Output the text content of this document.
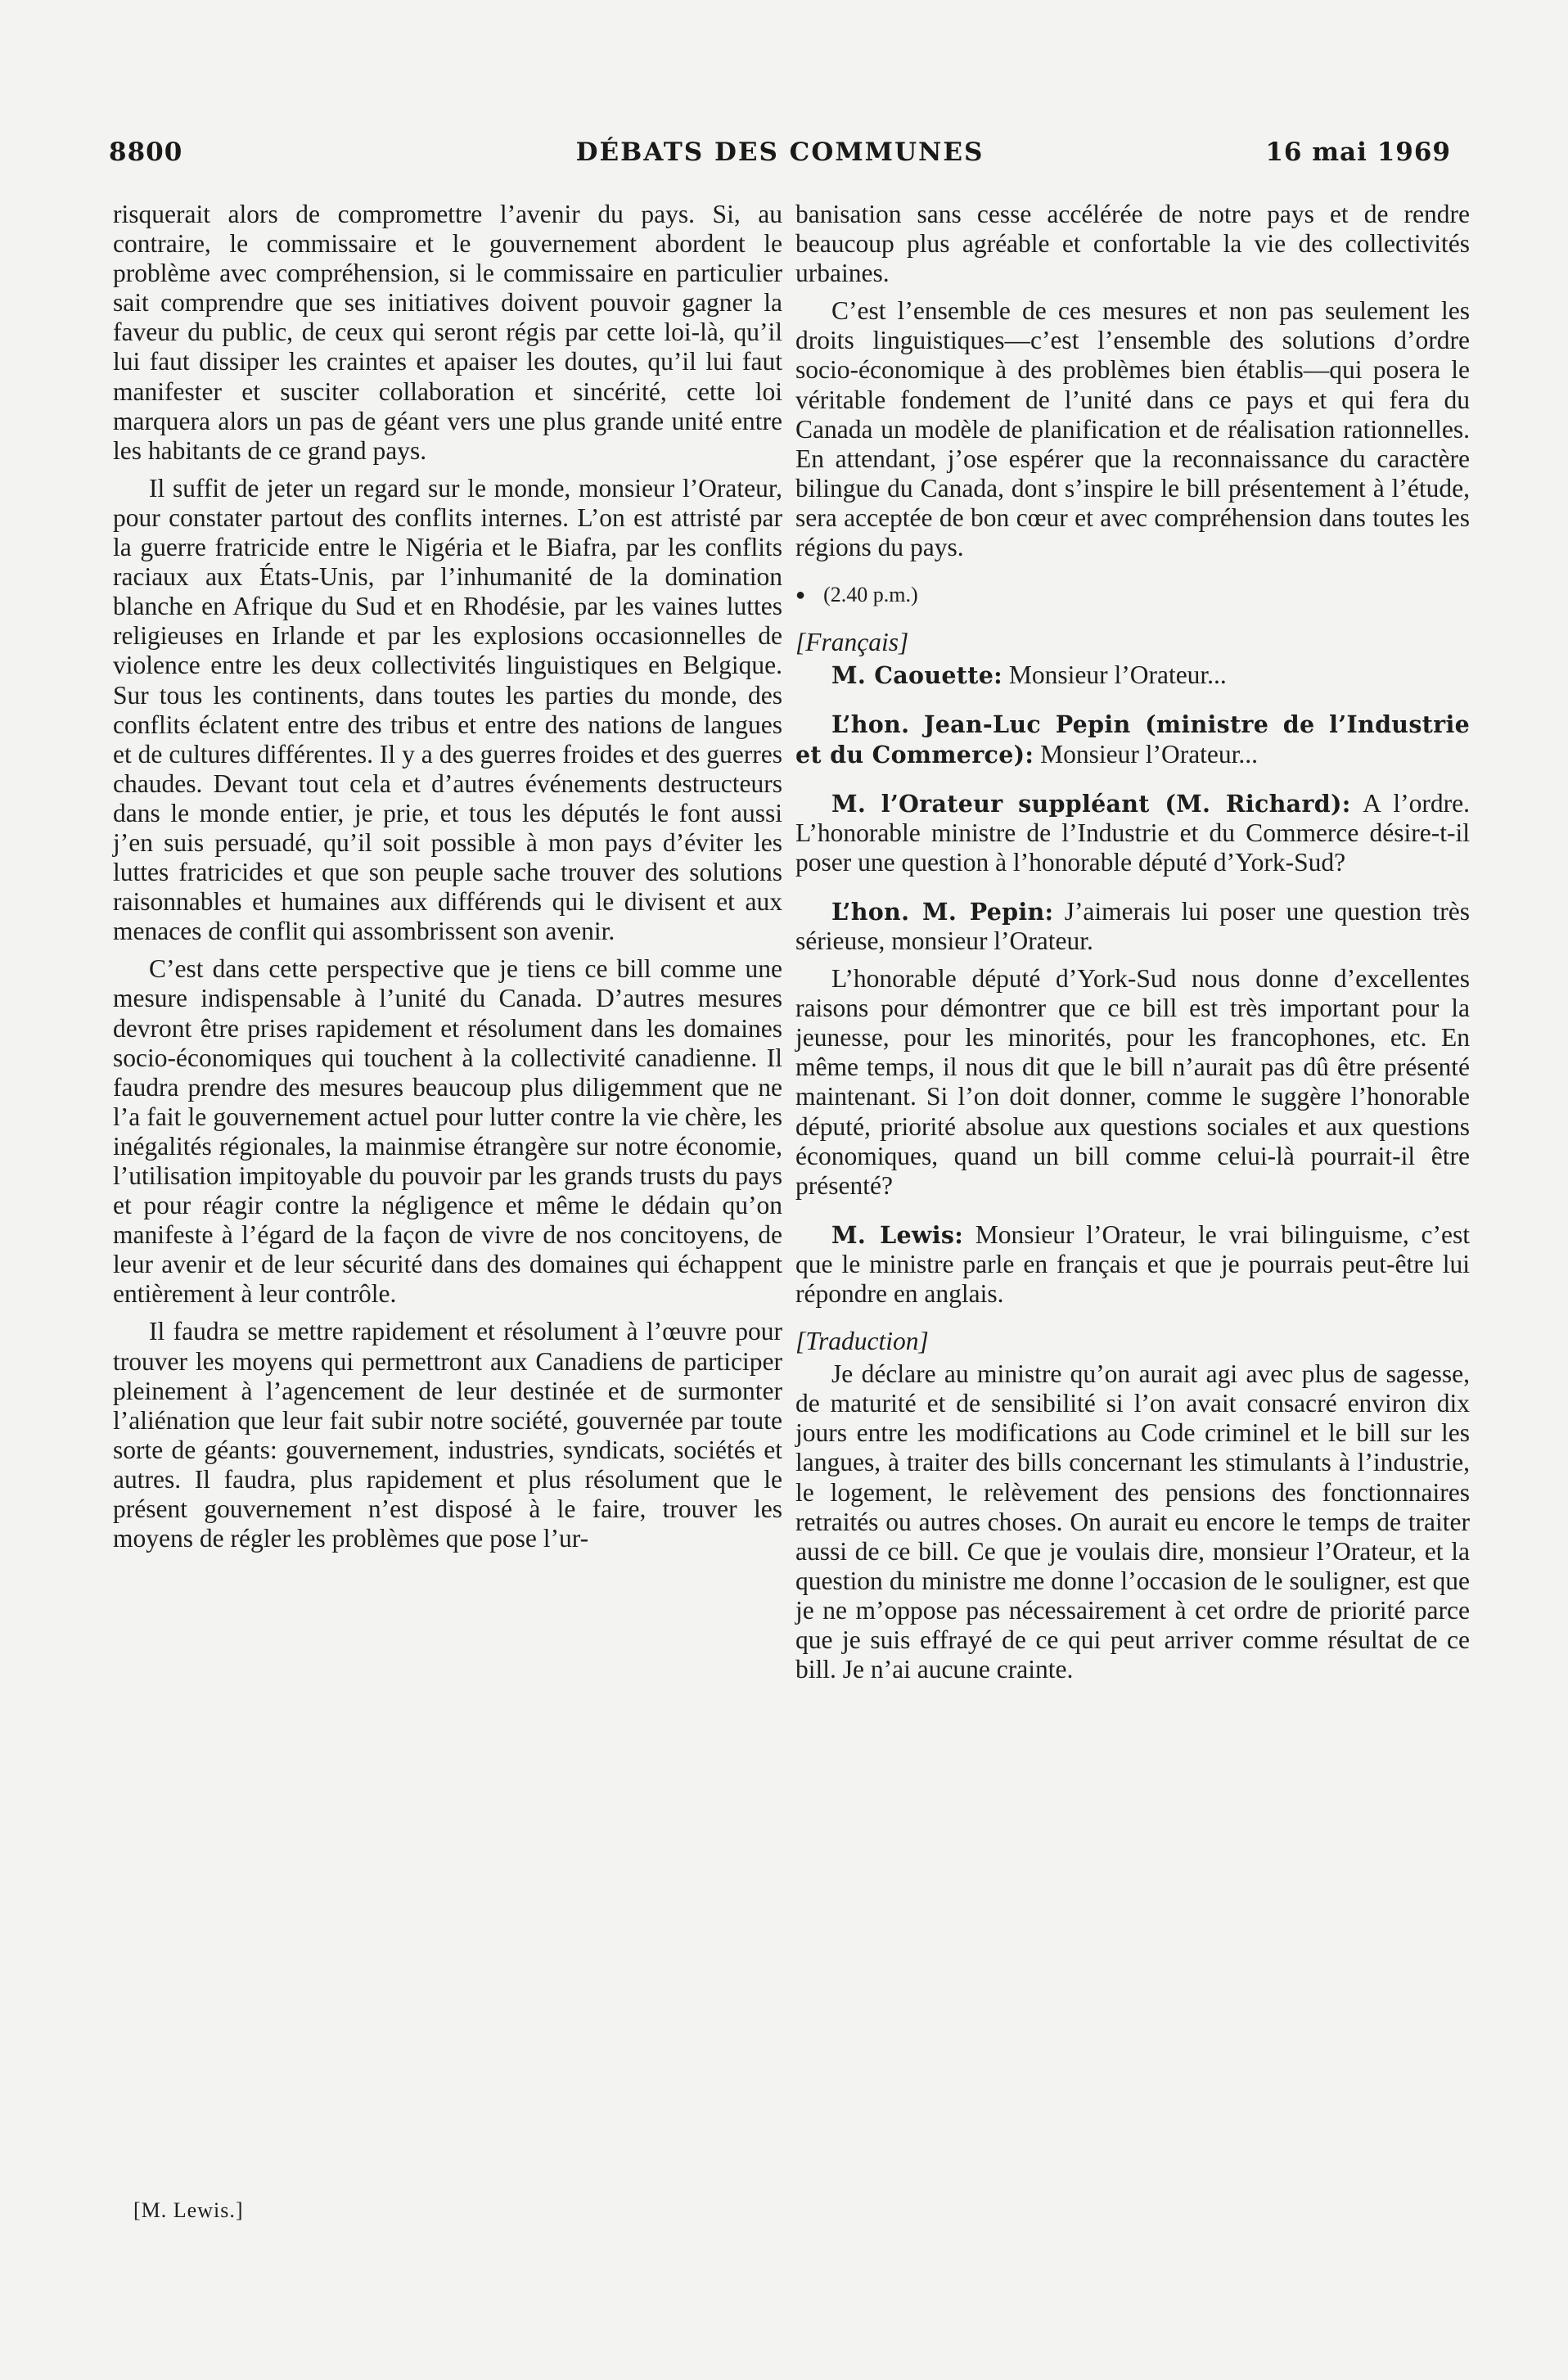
8800	DÉBATS DES COMMUNES	16 mai 1969

risquerait alors de compromettre l’avenir du pays. Si, au contraire, le commissaire et le gouvernement abordent le problème avec compréhension, si le commissaire en particulier sait comprendre que ses initiatives doivent pouvoir gagner la faveur du public, de ceux qui seront régis par cette loi-là, qu’il lui faut dissiper les craintes et apaiser les doutes, qu’il lui faut manifester et susciter collaboration et sincérité, cette loi marquera alors un pas de géant vers une plus grande unité entre les habitants de ce grand pays.

Il suffit de jeter un regard sur le monde, monsieur l’Orateur, pour constater partout des conflits internes. L’on est attristé par la guerre fratricide entre le Nigéria et le Biafra, par les conflits raciaux aux États-Unis, par l’inhumanité de la domination blanche en Afrique du Sud et en Rhodésie, par les vaines luttes religieuses en Irlande et par les explosions occasionnelles de violence entre les deux collectivités linguistiques en Belgique. Sur tous les continents, dans toutes les parties du monde, des conflits éclatent entre des tribus et entre des nations de langues et de cultures différentes. Il y a des guerres froides et des guerres chaudes. Devant tout cela et d’autres événements destructeurs dans le monde entier, je prie, et tous les députés le font aussi j’en suis persuadé, qu’il soit possible à mon pays d’éviter les luttes fratricides et que son peuple sache trouver des solutions raisonnables et humaines aux différends qui le divisent et aux menaces de conflit qui assombrissent son avenir.

C’est dans cette perspective que je tiens ce bill comme une mesure indispensable à l’unité du Canada. D’autres mesures devront être prises rapidement et résolument dans les domaines socio-économiques qui touchent à la collectivité canadienne. Il faudra prendre des mesures beaucoup plus diligemment que ne l’a fait le gouvernement actuel pour lutter contre la vie chère, les inégalités régionales, la mainmise étrangère sur notre économie, l’utilisation impitoyable du pouvoir par les grands trusts du pays et pour réagir contre la négligence et même le dédain qu’on manifeste à l’égard de la façon de vivre de nos concitoyens, de leur avenir et de leur sécurité dans des domaines qui échappent entièrement à leur contrôle.

Il faudra se mettre rapidement et résolument à l’œuvre pour trouver les moyens qui permettront aux Canadiens de participer pleinement à l’agencement de leur destinée et de surmonter l’aliénation que leur fait subir notre société, gouvernée par toute sorte de géants: gouvernement, industries, syndicats, sociétés et autres. Il faudra, plus rapidement et plus résolument que le présent gouvernement n’est disposé à le faire, trouver les moyens de régler les problèmes que pose l’ur-

[M. Lewis.]

banisation sans cesse accélérée de notre pays et de rendre beaucoup plus agréable et confortable la vie des collectivités urbaines.

C’est l’ensemble de ces mesures et non pas seulement les droits linguistiques—c’est l’ensemble des solutions d’ordre socio-économique à des problèmes bien établis—qui posera le véritable fondement de l’unité dans ce pays et qui fera du Canada un modèle de planification et de réalisation rationnelles. En attendant, j’ose espérer que la reconnaissance du caractère bilingue du Canada, dont s’inspire le bill présentement à l’étude, sera acceptée de bon cœur et avec compréhension dans toutes les régions du pays.

● (2.40 p.m.)

[Français]

M. Caouette: Monsieur l’Orateur...

L’hon. Jean-Luc Pepin (ministre de l’Industrie et du Commerce): Monsieur l’Orateur...

M. l’Orateur suppléant (M. Richard): A l’ordre. L’honorable ministre de l’Industrie et du Commerce désire-t-il poser une question à l’honorable député d’York-Sud?

L’hon. M. Pepin: J’aimerais lui poser une question très sérieuse, monsieur l’Orateur.

L’honorable député d’York-Sud nous donne d’excellentes raisons pour démontrer que ce bill est très important pour la jeunesse, pour les minorités, pour les francophones, etc. En même temps, il nous dit que le bill n’aurait pas dû être présenté maintenant. Si l’on doit donner, comme le suggère l’honorable député, priorité absolue aux questions sociales et aux questions économiques, quand un bill comme celui-là pourrait-il être présenté?

M. Lewis: Monsieur l’Orateur, le vrai bilinguisme, c’est que le ministre parle en français et que je pourrais peut-être lui répondre en anglais.

[Traduction]

Je déclare au ministre qu’on aurait agi avec plus de sagesse, de maturité et de sensibilité si l’on avait consacré environ dix jours entre les modifications au Code criminel et le bill sur les langues, à traiter des bills concernant les stimulants à l’industrie, le logement, le relèvement des pensions des fonctionnaires retraités ou autres choses. On aurait eu encore le temps de traiter aussi de ce bill. Ce que je voulais dire, monsieur l’Orateur, et la question du ministre me donne l’occasion de le souligner, est que je ne m’oppose pas nécessairement à cet ordre de priorité parce que je suis effrayé de ce qui peut arriver comme résultat de ce bill. Je n’ai aucune crainte.
